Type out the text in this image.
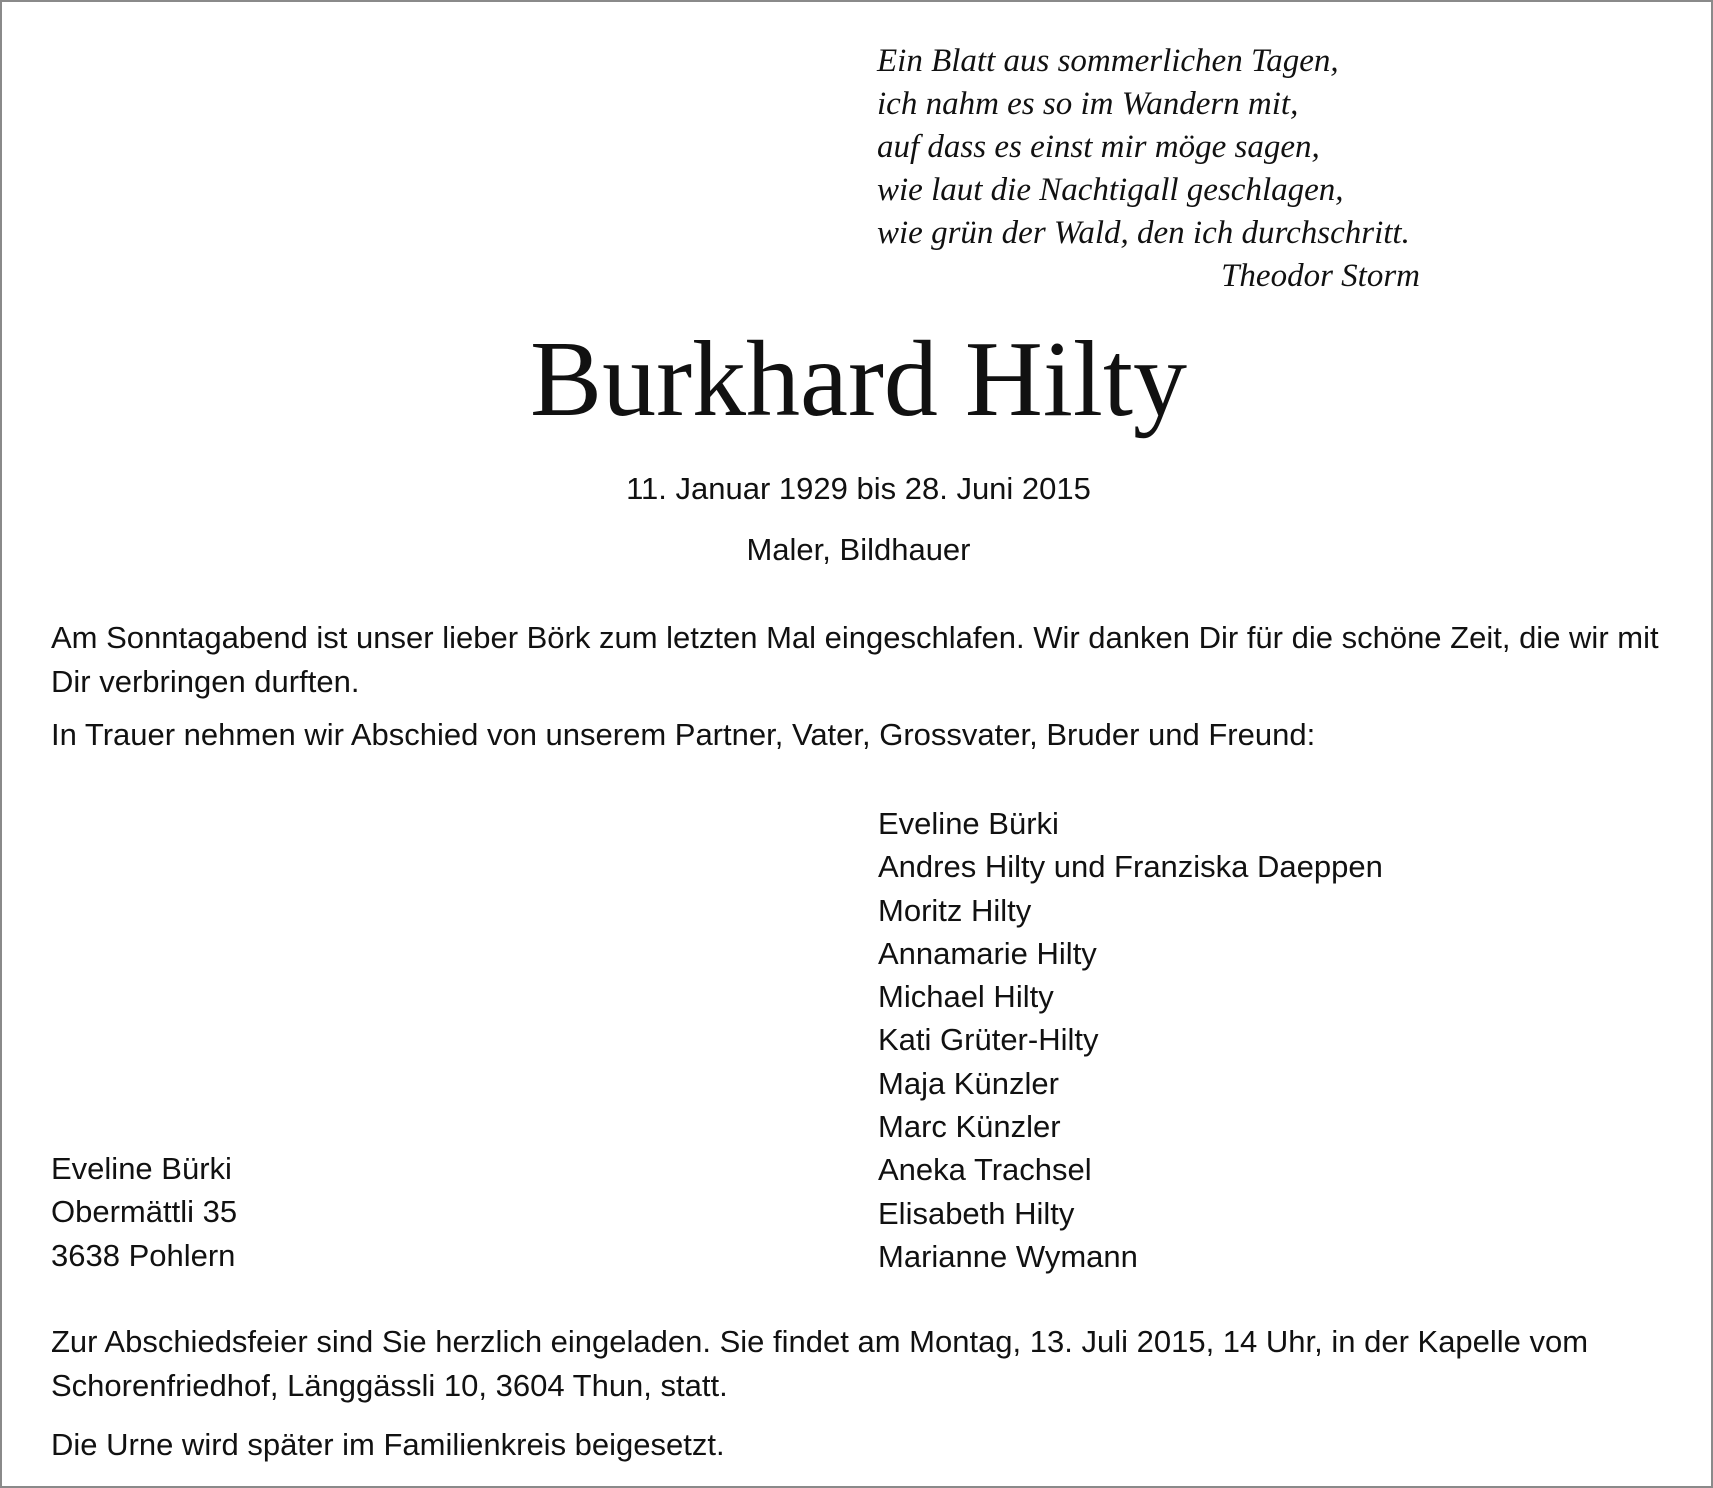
Ein Blatt aus sommerlichen Tagen,
ich nahm es so im Wandern mit,
auf dass es einst mir möge sagen,
wie laut die Nachtigall geschlagen,
wie grün der Wald, den ich durchschritt.
Theodor Storm
Burkhard Hilty
11. Januar 1929 bis 28. Juni 2015
Maler, Bildhauer
Am Sonntagabend ist unser lieber Börk zum letzten Mal eingeschlafen. Wir danken Dir für die schöne Zeit, die wir mit Dir verbringen durften.
In Trauer nehmen wir Abschied von unserem Partner, Vater, Grossvater, Bruder und Freund:
Eveline Bürki
Andres Hilty und Franziska Daeppen
Moritz Hilty
Annamarie Hilty
Michael Hilty
Kati Grüter-Hilty
Maja Künzler
Marc Künzler
Aneka Trachsel
Elisabeth Hilty
Marianne Wymann
Eveline Bürki
Obermättli 35
3638 Pohlern
Zur Abschiedsfeier sind Sie herzlich eingeladen. Sie findet am Montag, 13. Juli 2015, 14 Uhr, in der Kapelle vom Schorenfriedhof, Länggässli 10, 3604 Thun, statt.
Die Urne wird später im Familienkreis beigesetzt.
